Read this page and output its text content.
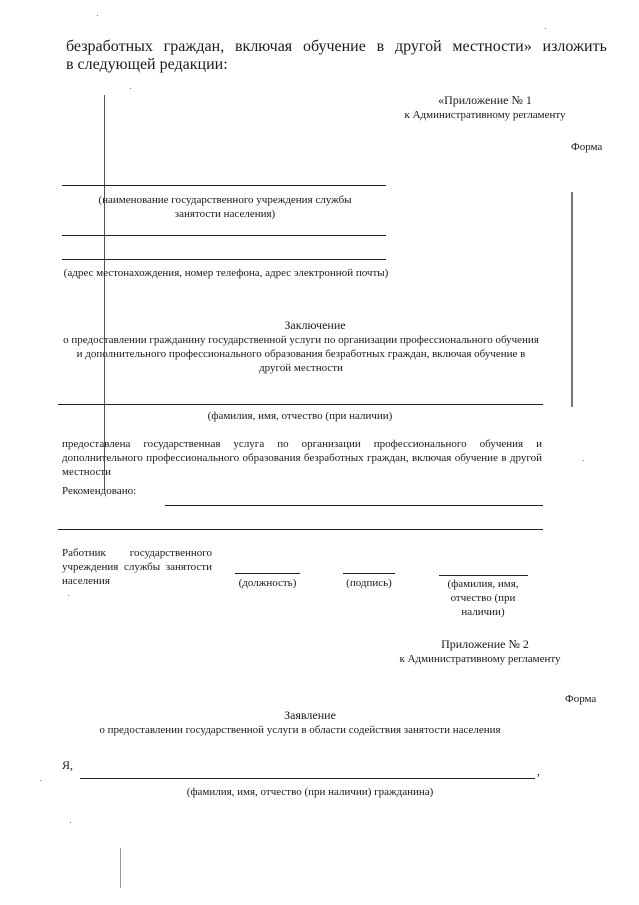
безработных граждан, включая обучение в другой местности» изложить
в следующей редакции:
«Приложение № 1
к Административному регламенту
Форма
(наименование государственного учреждения службы занятости населения)
(адрес местонахождения, номер телефона, адрес электронной почты)
Заключение
о предоставлении гражданину государственной услуги по организации профессионального обучения и дополнительного профессионального образования безработных граждан, включая обучение в другой местности
(фамилия, имя, отчество (при наличии)
предоставлена государственная услуга по организации профессионального обучения и дополнительного профессионального образования безработных граждан, включая обучение в другой местности
Рекомендовано:
Работник государственного учреждения службы занятости населения	(должность)	(подпись)	(фамилия, имя, отчество (при наличии)
Приложение № 2
к Административному регламенту
Форма
Заявление
о предоставлении государственной услуги в области содействия занятости населения
Я,	,
(фамилия, имя, отчество (при наличии) гражданина)
